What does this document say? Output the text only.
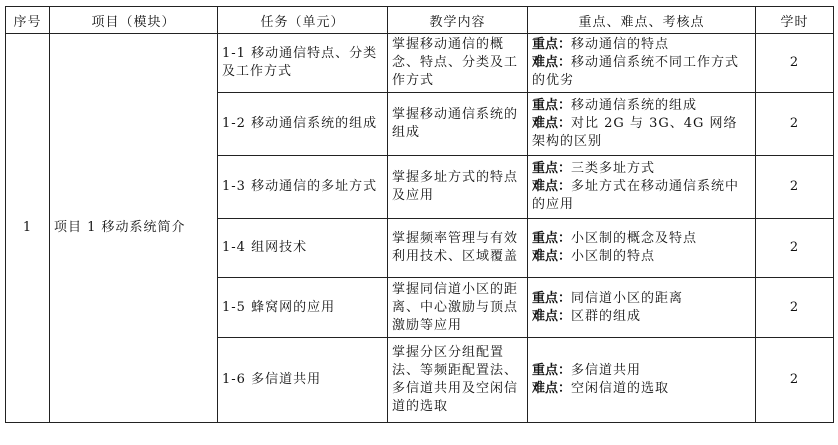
序号	项目（模块）	任务（单元）	教学内容	重点、难点、考核点	学时
1	项目 1 移动系统简介	1-1 移动通信特点、分类及工作方式	掌握移动通信的概念、特点、分类及工作方式	重点：移动通信的特点
难点：移动通信系统不同工作方式的优劣	2
		1-2 移动通信系统的组成	掌握移动通信系统的组成	重点：移动通信系统的组成
难点：对比 2G 与 3G、4G 网络架构的区别	2
		1-3 移动通信的多址方式	掌握多址方式的特点及应用	重点：三类多址方式
难点：多址方式在移动通信系统中的应用	2
		1-4 组网技术	掌握频率管理与有效利用技术、区域覆盖	重点：小区制的概念及特点
难点：小区制的特点	2
		1-5 蜂窝网的应用	掌握同信道小区的距离、中心激励与顶点激励等应用	重点：同信道小区的距离
难点：区群的组成	2
		1-6 多信道共用	掌握分区分组配置法、等频距配置法、多信道共用及空闲信道的选取	重点：多信道共用
难点：空闲信道的选取	2
